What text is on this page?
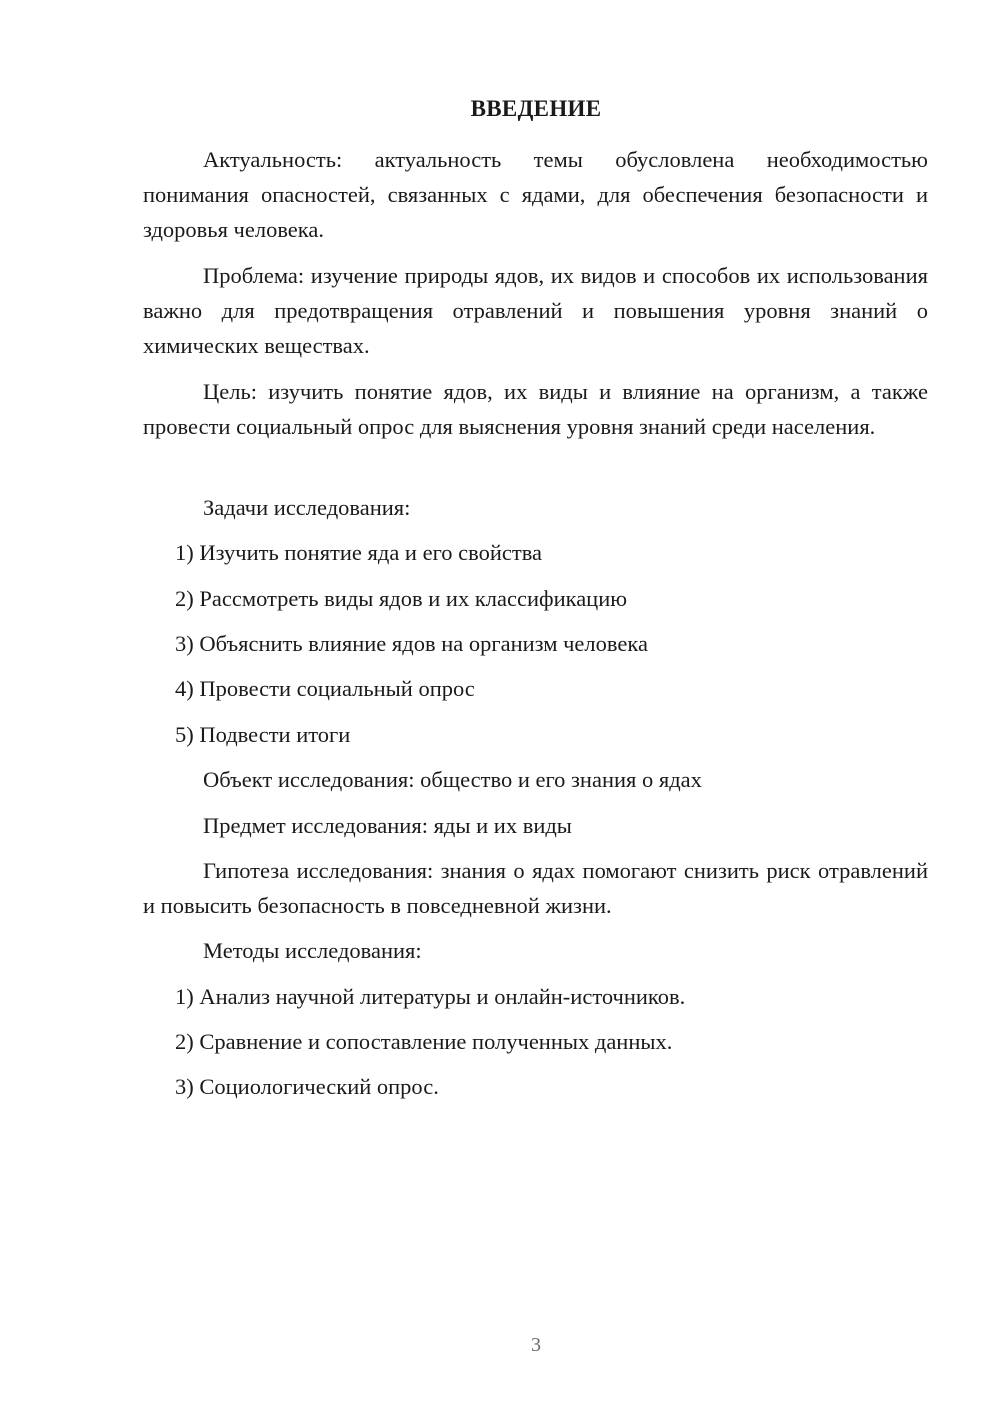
ВВЕДЕНИЕ

Актуальность: актуальность темы обусловлена необходимостью понимания опасностей, связанных с ядами, для обеспечения безопасности и здоровья человека.

Проблема: изучение природы ядов, их видов и способов их использования важно для предотвращения отравлений и повышения уровня знаний о химических веществах.

Цель: изучить понятие ядов, их виды и влияние на организм, а также провести социальный опрос для выяснения уровня знаний среди населения.

Задачи исследования:

1) Изучить понятие яда и его свойства

2) Рассмотреть виды ядов и их классификацию

3) Объяснить влияние ядов на организм человека

4) Провести социальный опрос

5) Подвести итоги

Объект исследования: общество и его знания о ядах

Предмет исследования: яды и их виды

Гипотеза исследования: знания о ядах помогают снизить риск отравлений и повысить безопасность в повседневной жизни.

Методы исследования:

1) Анализ научной литературы и онлайн-источников.

2) Сравнение и сопоставление полученных данных.

3) Социологический опрос.

3
